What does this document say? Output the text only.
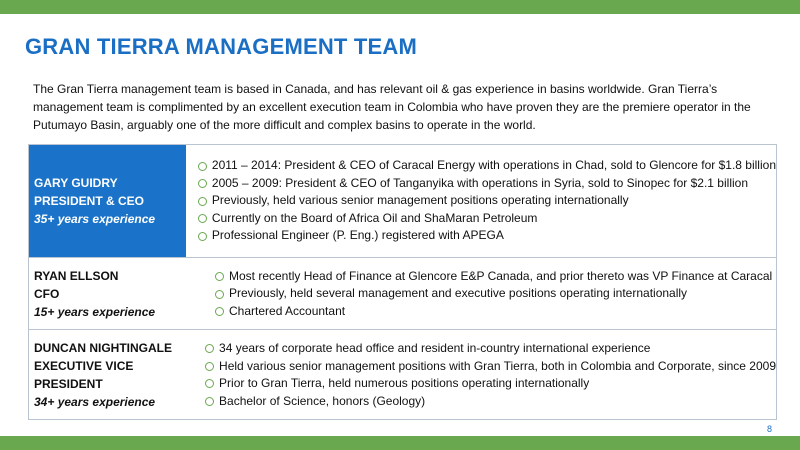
GRAN TIERRA MANAGEMENT TEAM
The Gran Tierra management team is based in Canada, and has relevant oil & gas experience in basins worldwide. Gran Tierra’s management team is complimented by an excellent execution team in Colombia who have proven they are the premiere operator in the Putumayo Basin, arguably one of the more difficult and complex basins to operate in the world.
GARY GUIDRY
PRESIDENT & CEO
35+ years experience
2011 – 2014: President & CEO of Caracal Energy with operations in Chad, sold to Glencore for $1.8 billion
2005 – 2009: President & CEO of Tanganyika with operations in Syria, sold to Sinopec for $2.1 billion
Previously, held various senior management positions operating internationally
Currently on the Board of Africa Oil and ShaMaran Petroleum
Professional Engineer (P. Eng.) registered with APEGA
RYAN ELLSON
CFO
15+ years experience
Most recently Head of Finance at Glencore E&P Canada, and prior thereto was VP Finance at Caracal
Previously, held several management and executive positions operating internationally
Chartered Accountant
DUNCAN NIGHTINGALE
EXECUTIVE VICE PRESIDENT
34+ years experience
34 years of corporate head office and resident in-country international experience
Held various senior management positions with Gran Tierra, both in Colombia and Corporate, since 2009
Prior to Gran Tierra, held numerous positions operating internationally
Bachelor of Science, honors (Geology)
8
